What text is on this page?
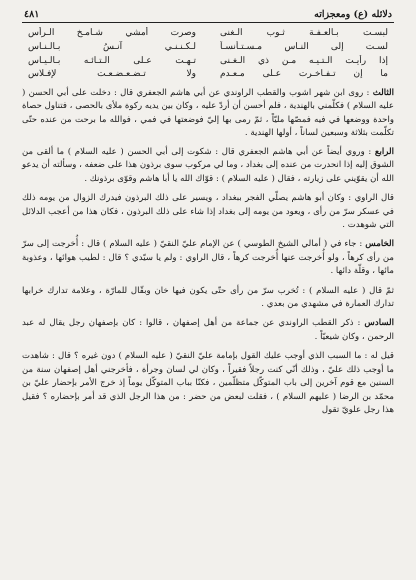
دلائله (ع) ومعجزاته
٤٨١
لبسـت بـالعـفـة ثـوب الـغنى
وصرت أمشي شـامـخ الـرأس
لسـت إلى النـاس مـسـتـأنسـاً
لـكـنـنـي آنـسُ بـالـنـاس
إذا رأيـت الـتـيـه مـن ذي الـغـنى
تـهـت عـلى الـتـائـه بـالـيـاس
ما إن تـفـاخـرت عـلى مـعـدم
ولا تـضـعـضـعـت لإفـلاس

الثالث : روى ابن شهر اشوب والقطب الراوندي عن أبي هاشم الجعفري قال : دخلت على أبي الحسن ( عليه السلام ) فكلّمني بالهندية ، فلم أحسن أن أردّ عليه ، وكان بين يديه ركوة ملأى بالحصى ، فتناول حصاة واحدة ووضعها في فيه فمصّها مليّاً ، ثمّ رمى بها إليّ فوضعتها في فمي ، فوالله ما برحت من عنده حتّى تكلّمت بثلاثة وسبعين لساناً ، أولها الهندية .

الرابع : وروي أيضاً عن أبي هاشم الجعفري قال : شكوت إلى أبي الحسن ( عليه السلام ) ما ألقى من الشوق إليه إذا انحدرت من عنده إلى بغداد ، وما لي مركوب سوى برذون هذا على ضعفه ، وسألته أن يدعو الله أن يقوّيني على زيارته ، فقال ( عليه السلام ) : قوّاك الله يا أبا هاشم وقوّى برذونك .

قال الراوي : وكان أبو هاشم يصلّي الفجر ببغداد ، ويسير على ذلك البرذون فيدرك الزوال من يومه ذلك في عسكر سرّ من رأى ، ويعود من يومه إلى بغداد إذا شاء على ذلك البرذون ، فكان هذا من أعجب الدلائل التي شوهدت .

الخامس : جاء في ( أمالي الشيخ الطوسي ) عن الإمام عليّ النقيّ ( عليه السلام ) قال : أُخرجت إلى سرّ من رأى كرهاً ، ولو أُخرجت عنها أُخرجت كرهاً ، قال الراوي : ولم يا سيّدي ؟ قال : لطيب هوائها ، وعذوبة مائها ، وقلّة دائها .

ثمّ قال ( عليه السلام ) : تُخرب سرّ من رأى حتّى يكون فيها خان وبقّال للمارّة ، وعلامة تدارك خرابها تدارك العمارة في مشهدي من بعدي .

السادس : ذكر القطب الراوندي عن جماعة من أهل إصفهان ، قالوا : كان بإصفهان رجل يقال له عبد الرحمن ، وكان شيعيّاً .

قيل له : ما السبب الذي أوجب عليك القول بإمامة عليّ النقيّ ( عليه السلام ) دون غيره ؟ قال : شاهدت ما أوجب ذلك عليّ ، وذلك أنّي كنت رجلاً فقيراً ، وكان لي لسان وجرأة ، فأخرجني أهل إصفهان سنة من السنين مع قوم آخرين إلى باب المتوكّل متظلّمين ، فكنّا بباب المتوكّل يوماً إذ خرج الأمر بإحضار عليّ بن محمّد بن الرضا ( عليهم السلام ) ، فقلت لبعض من حضر : من هذا الرجل الذي قد أمر بإحضاره ؟ فقيل هذا رجل علويّ تقول
